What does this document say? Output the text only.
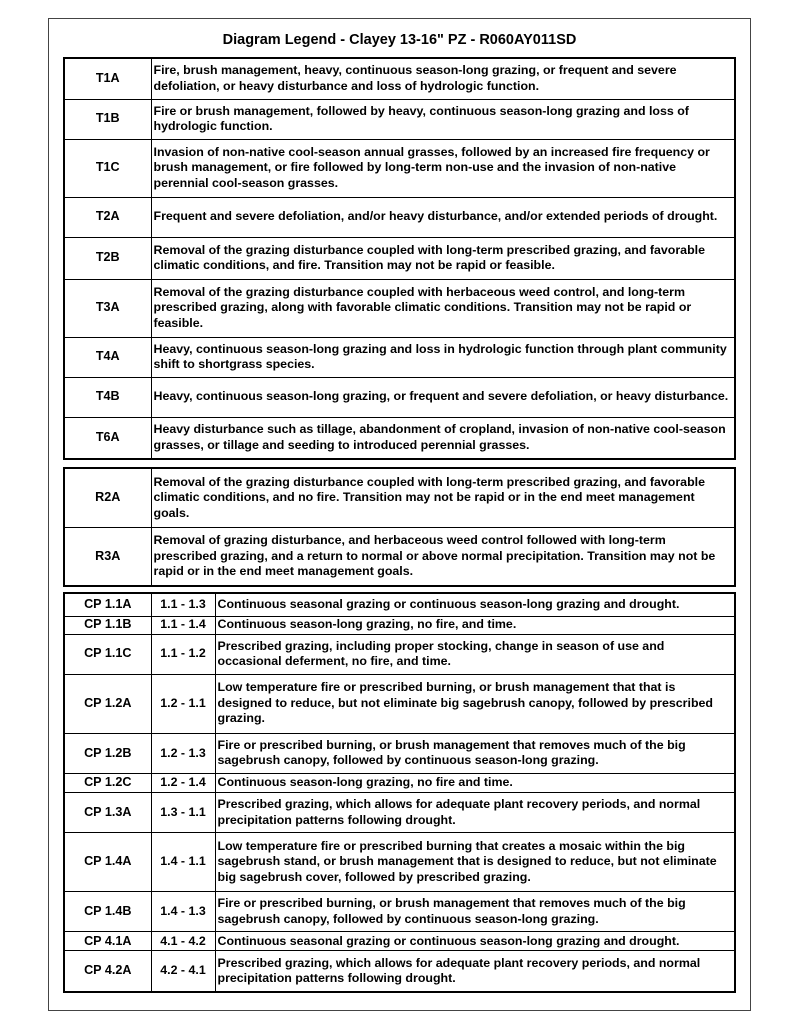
Diagram Legend - Clayey 13-16" PZ - R060AY011SD
T1A	Fire, brush management, heavy, continuous season-long grazing, or frequent and severe defoliation, or heavy disturbance and loss of hydrologic function.
T1B	Fire or brush management, followed by heavy, continuous season-long grazing and loss of hydrologic function.
T1C	Invasion of non-native cool-season annual grasses, followed by an increased fire frequency or brush management, or fire followed by long-term non-use and the invasion of non-native perennial cool-season grasses.
T2A	Frequent and severe defoliation, and/or heavy disturbance, and/or extended periods of drought.
T2B	Removal of the grazing disturbance coupled with long-term prescribed grazing, and favorable climatic conditions, and fire. Transition may not be rapid or feasible.
T3A	Removal of the grazing disturbance coupled with herbaceous weed control, and long-term prescribed grazing, along with favorable climatic conditions. Transition may not be rapid or feasible.
T4A	Heavy, continuous season-long grazing and loss in hydrologic function through plant community shift to shortgrass species.
T4B	Heavy, continuous season-long grazing, or frequent and severe defoliation, or heavy disturbance.
T6A	Heavy disturbance such as tillage, abandonment of cropland, invasion of non-native cool-season grasses, or tillage and seeding to introduced perennial grasses.
R2A	Removal of the grazing disturbance coupled with long-term prescribed grazing, and favorable climatic conditions, and no fire. Transition may not be rapid or in the end meet management goals.
R3A	Removal of grazing disturbance, and herbaceous weed control followed with long-term prescribed grazing, and a return to normal or above normal precipitation. Transition may not be rapid or in the end meet management goals.
CP 1.1A	1.1 - 1.3	Continuous seasonal grazing or continuous season-long grazing and drought.
CP 1.1B	1.1 - 1.4	Continuous season-long grazing, no fire, and time.
CP 1.1C	1.1 - 1.2	Prescribed grazing, including proper stocking, change in season of use and occasional deferment, no fire, and time.
CP 1.2A	1.2 - 1.1	Low temperature fire or prescribed burning, or brush management that that is designed to reduce, but not eliminate big sagebrush canopy, followed by prescribed grazing.
CP 1.2B	1.2 - 1.3	Fire or prescribed burning, or brush management that removes much of the big sagebrush canopy, followed by continuous season-long grazing.
CP 1.2C	1.2 - 1.4	Continuous season-long grazing, no fire and time.
CP 1.3A	1.3 - 1.1	Prescribed grazing, which allows for adequate plant recovery periods, and normal precipitation patterns following drought.
CP 1.4A	1.4 - 1.1	Low temperature fire or prescribed burning that creates a mosaic within the big sagebrush stand, or brush management that is designed to reduce, but not eliminate big sagebrush cover, followed by prescribed grazing.
CP 1.4B	1.4 - 1.3	Fire or prescribed burning, or brush management that removes much of the big sagebrush canopy, followed by continuous season-long grazing.
CP 4.1A	4.1 - 4.2	Continuous seasonal grazing or continuous season-long grazing and drought.
CP 4.2A	4.2 - 4.1	Prescribed grazing, which allows for adequate plant recovery periods, and normal precipitation patterns following drought.
